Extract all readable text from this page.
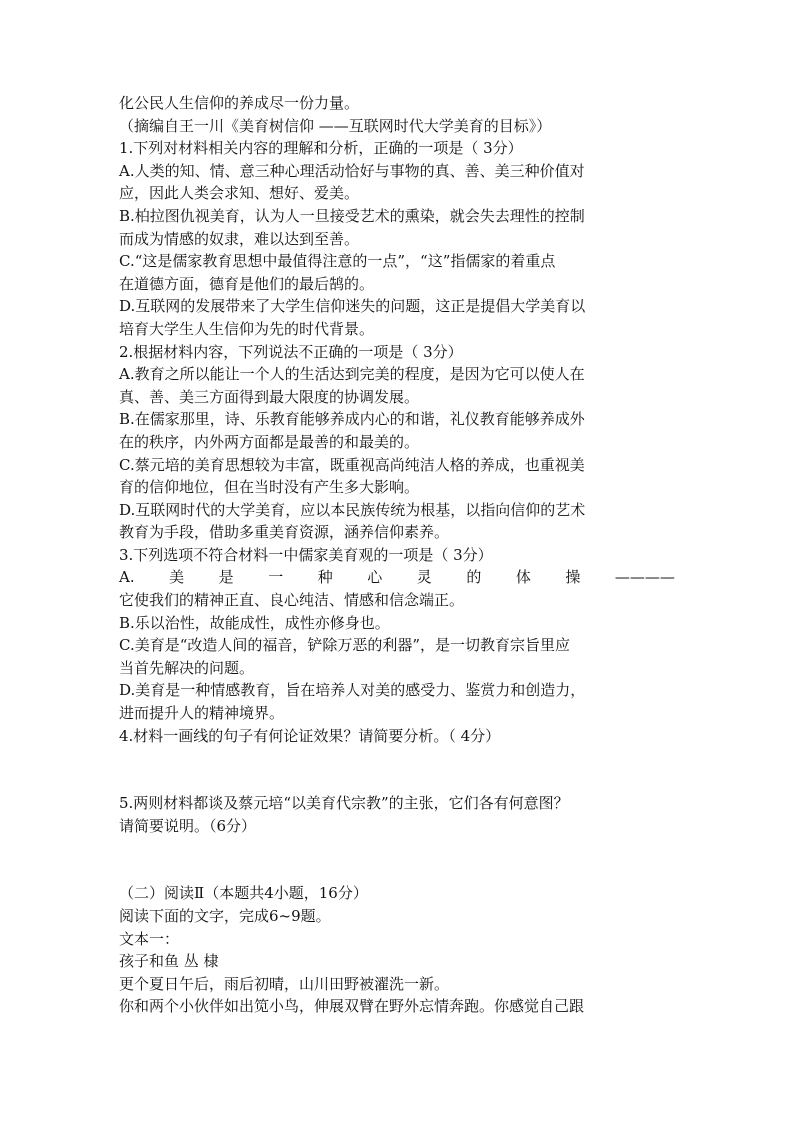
化公民人生信仰的养成尽一份力量。
（摘编自王一川《美育树信仰 ——互联网时代大学美育的目标》）
1.下列对材料相关内容的理解和分析，正确的一项是（ 3分）
A.人类的知、情、意三种心理活动恰好与事物的真、善、美三种价值对
应，因此人类会求知、想好、爱美。
B.柏拉图仇视美育，认为人一旦接受艺术的熏染，就会失去理性的控制
而成为情感的奴隶，难以达到至善。
C.“这是儒家教育思想中最值得注意的一点”，“这”指儒家的着重点
在道德方面，德育是他们的最后鹄的。
D.互联网的发展带来了大学生信仰迷失的问题，这正是提倡大学美育以
培育大学生人生信仰为先的时代背景。
2.根据材料内容，下列说法不正确的一项是（ 3分）
A.教育之所以能让一个人的生活达到完美的程度，是因为它可以使人在
真、善、美三方面得到最大限度的协调发展。
B.在儒家那里，诗、乐教育能够养成内心的和谐，礼仪教育能够养成外
在的秩序，内外两方面都是最善的和最美的。
C.蔡元培的美育思想较为丰富，既重视高尚纯洁人格的养成，也重视美
育的信仰地位，但在当时没有产生多大影响。
D.互联网时代的大学美育，应以本民族传统为根基，以指向信仰的艺术
教育为手段，借助多重美育资源，涵养信仰素养。
3.下列选项不符合材料一中儒家美育观的一项是（ 3分）
A. 美 是 一 种 心 灵 的 体 操 ————
它使我们的精神正直、良心纯洁、情感和信念端正。
B.乐以治性，故能成性，成性亦修身也。
C.美育是“改造人间的福音，铲除万恶的利器”，是一切教育宗旨里应
当首先解决的问题。
D.美育是一种情感教育，旨在培养人对美的感受力、鉴赏力和创造力，
进而提升人的精神境界。
4.材料一画线的句子有何论证效果？请简要分析。（ 4分）
5.两则材料都谈及蔡元培“以美育代宗教”的主张，它们各有何意图？
请简要说明。（6分）
（二）阅读Ⅱ（本题共4小题，16分）
阅读下面的文字，完成6~9题。
文本一：
孩子和鱼 丛 棣
更个夏日午后，雨后初晴，山川田野被濯洗一新。
你和两个小伙伴如出笕小鸟，伸展双臂在野外忘情奔跑。你感觉自己跟
